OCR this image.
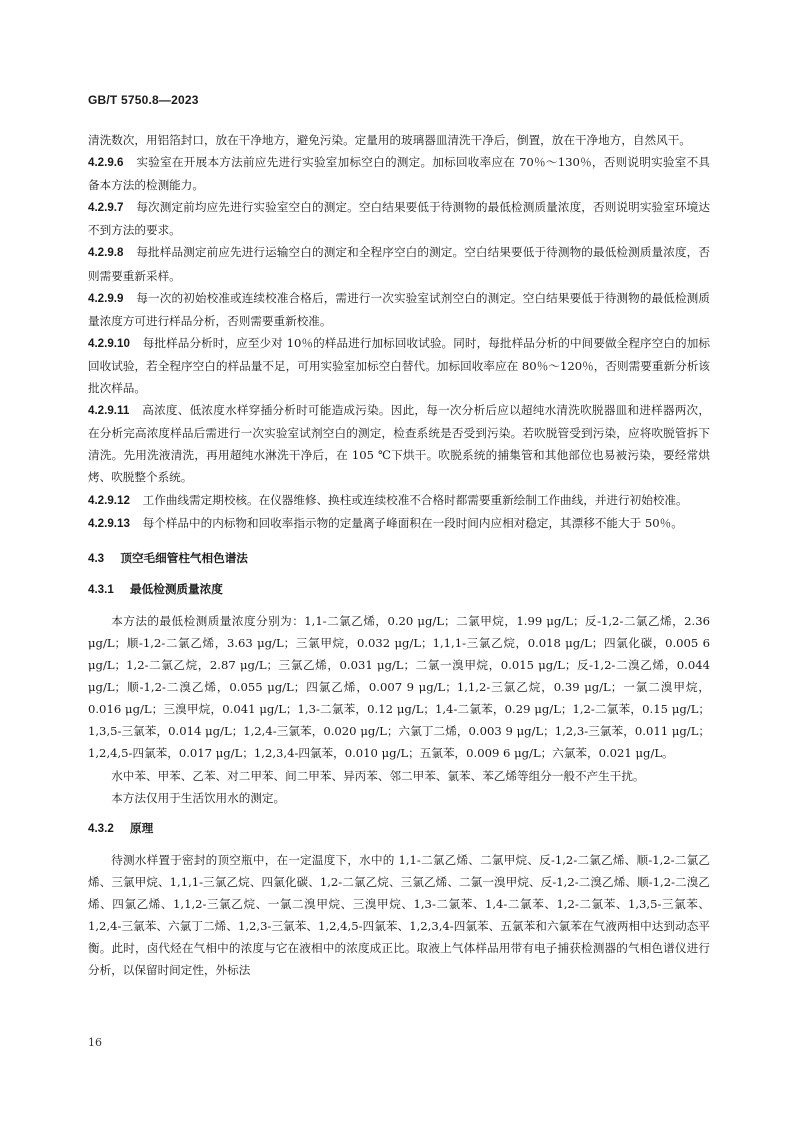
GB/T 5750.8—2023

清洗数次，用铝箔封口，放在干净地方，避免污染。定量用的玻璃器皿清洗干净后，倒置，放在干净地方，自然风干。

4.2.9.6 实验室在开展本方法前应先进行实验室加标空白的测定。加标回收率应在 70％～130％，否则说明实验室不具备本方法的检测能力。

4.2.9.7 每次测定前均应先进行实验室空白的测定。空白结果要低于待测物的最低检测质量浓度，否则说明实验室环境达不到方法的要求。

4.2.9.8 每批样品测定前应先进行运输空白的测定和全程序空白的测定。空白结果要低于待测物的最低检测质量浓度，否则需要重新采样。

4.2.9.9 每一次的初始校准或连续校准合格后，需进行一次实验室试剂空白的测定。空白结果要低于待测物的最低检测质量浓度方可进行样品分析，否则需要重新校准。

4.2.9.10 每批样品分析时，应至少对 10％的样品进行加标回收试验。同时，每批样品分析的中间要做全程序空白的加标回收试验，若全程序空白的样品量不足，可用实验室加标空白替代。加标回收率应在 80％～120％，否则需要重新分析该批次样品。

4.2.9.11 高浓度、低浓度水样穿插分析时可能造成污染。因此，每一次分析后应以超纯水清洗吹脱器皿和进样器两次，在分析完高浓度样品后需进行一次实验室试剂空白的测定，检查系统是否受到污染。若吹脱管受到污染，应将吹脱管拆下清洗。先用洗液清洗，再用超纯水淋洗干净后，在 105 ℃下烘干。吹脱系统的捕集管和其他部位也易被污染，要经常烘烤、吹脱整个系统。

4.2.9.12 工作曲线需定期校核。在仪器维修、换柱或连续校准不合格时都需要重新绘制工作曲线，并进行初始校准。

4.2.9.13 每个样品中的内标物和回收率指示物的定量离子峰面积在一段时间内应相对稳定，其漂移不能大于 50％。

4.3 顶空毛细管柱气相色谱法

4.3.1 最低检测质量浓度

本方法的最低检测质量浓度分别为：1,1-二氯乙烯，0.20 μg/L；二氯甲烷，1.99 μg/L；反-1,2-二氯乙烯，2.36 μg/L；顺-1,2-二氯乙烯，3.63 μg/L；三氯甲烷，0.032 μg/L；1,1,1-三氯乙烷，0.018 μg/L；四氯化碳，0.005 6 μg/L；1,2-二氯乙烷，2.87 μg/L；三氯乙烯，0.031 μg/L；二氯一溴甲烷，0.015 μg/L；反-1,2-二溴乙烯，0.044 μg/L；顺-1,2-二溴乙烯，0.055 μg/L；四氯乙烯，0.007 9 μg/L；1,1,2-三氯乙烷，0.39 μg/L；一氯二溴甲烷，0.016 μg/L；三溴甲烷，0.041 μg/L；1,3-二氯苯，0.12 μg/L；1,4-二氯苯，0.29 μg/L；1,2-二氯苯，0.15 μg/L；1,3,5-三氯苯，0.014 μg/L；1,2,4-三氯苯，0.020 μg/L；六氯丁二烯，0.003 9 μg/L；1,2,3-三氯苯，0.011 μg/L；1,2,4,5-四氯苯，0.017 μg/L；1,2,3,4-四氯苯，0.010 μg/L；五氯苯，0.009 6 μg/L；六氯苯，0.021 μg/L。

水中苯、甲苯、乙苯、对二甲苯、间二甲苯、异丙苯、邻二甲苯、氯苯、苯乙烯等组分一般不产生干扰。

本方法仅用于生活饮用水的测定。

4.3.2 原理

待测水样置于密封的顶空瓶中，在一定温度下，水中的 1,1-二氯乙烯、二氯甲烷、反-1,2-二氯乙烯、顺-1,2-二氯乙烯、三氯甲烷、1,1,1-三氯乙烷、四氯化碳、1,2-二氯乙烷、三氯乙烯、二氯一溴甲烷、反-1,2-二溴乙烯、顺-1,2-二溴乙烯、四氯乙烯、1,1,2-三氯乙烷、一氯二溴甲烷、三溴甲烷、1,3-二氯苯、1,4-二氯苯、1,2-二氯苯、1,3,5-三氯苯、1,2,4-三氯苯、六氯丁二烯、1,2,3-三氯苯、1,2,4,5-四氯苯、1,2,3,4-四氯苯、五氯苯和六氯苯在气液两相中达到动态平衡。此时，卤代烃在气相中的浓度与它在液相中的浓度成正比。取液上气体样品用带有电子捕获检测器的气相色谱仪进行分析，以保留时间定性，外标法

16
